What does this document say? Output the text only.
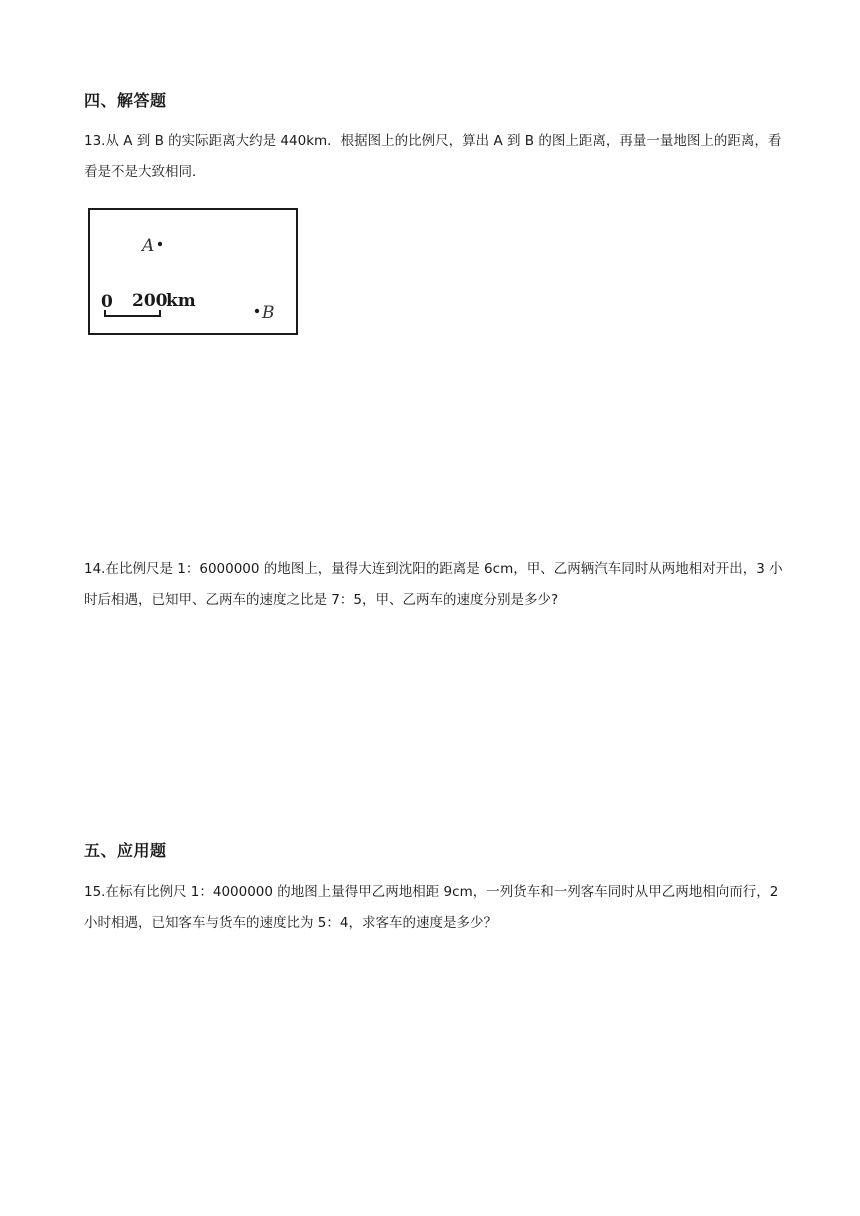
四、解答题

13.从 A 到 B 的实际距离大约是 440km．根据图上的比例尺，算出 A 到 B 的图上距离，再量一量地图上的距离，看看是不是大致相同．

A
B
0 200
km

14.在比例尺是 1：6000000 的地图上，量得大连到沈阳的距离是 6cm，甲、乙两辆汽车同时从两地相对开出，3 小时后相遇，已知甲、乙两车的速度之比是 7：5，甲、乙两车的速度分别是多少?

五、应用题

15.在标有比例尺 1：4000000 的地图上量得甲乙两地相距 9cm，一列货车和一列客车同时从甲乙两地相向而行，2 小时相遇，已知客车与货车的速度比为 5：4，求客车的速度是多少？
